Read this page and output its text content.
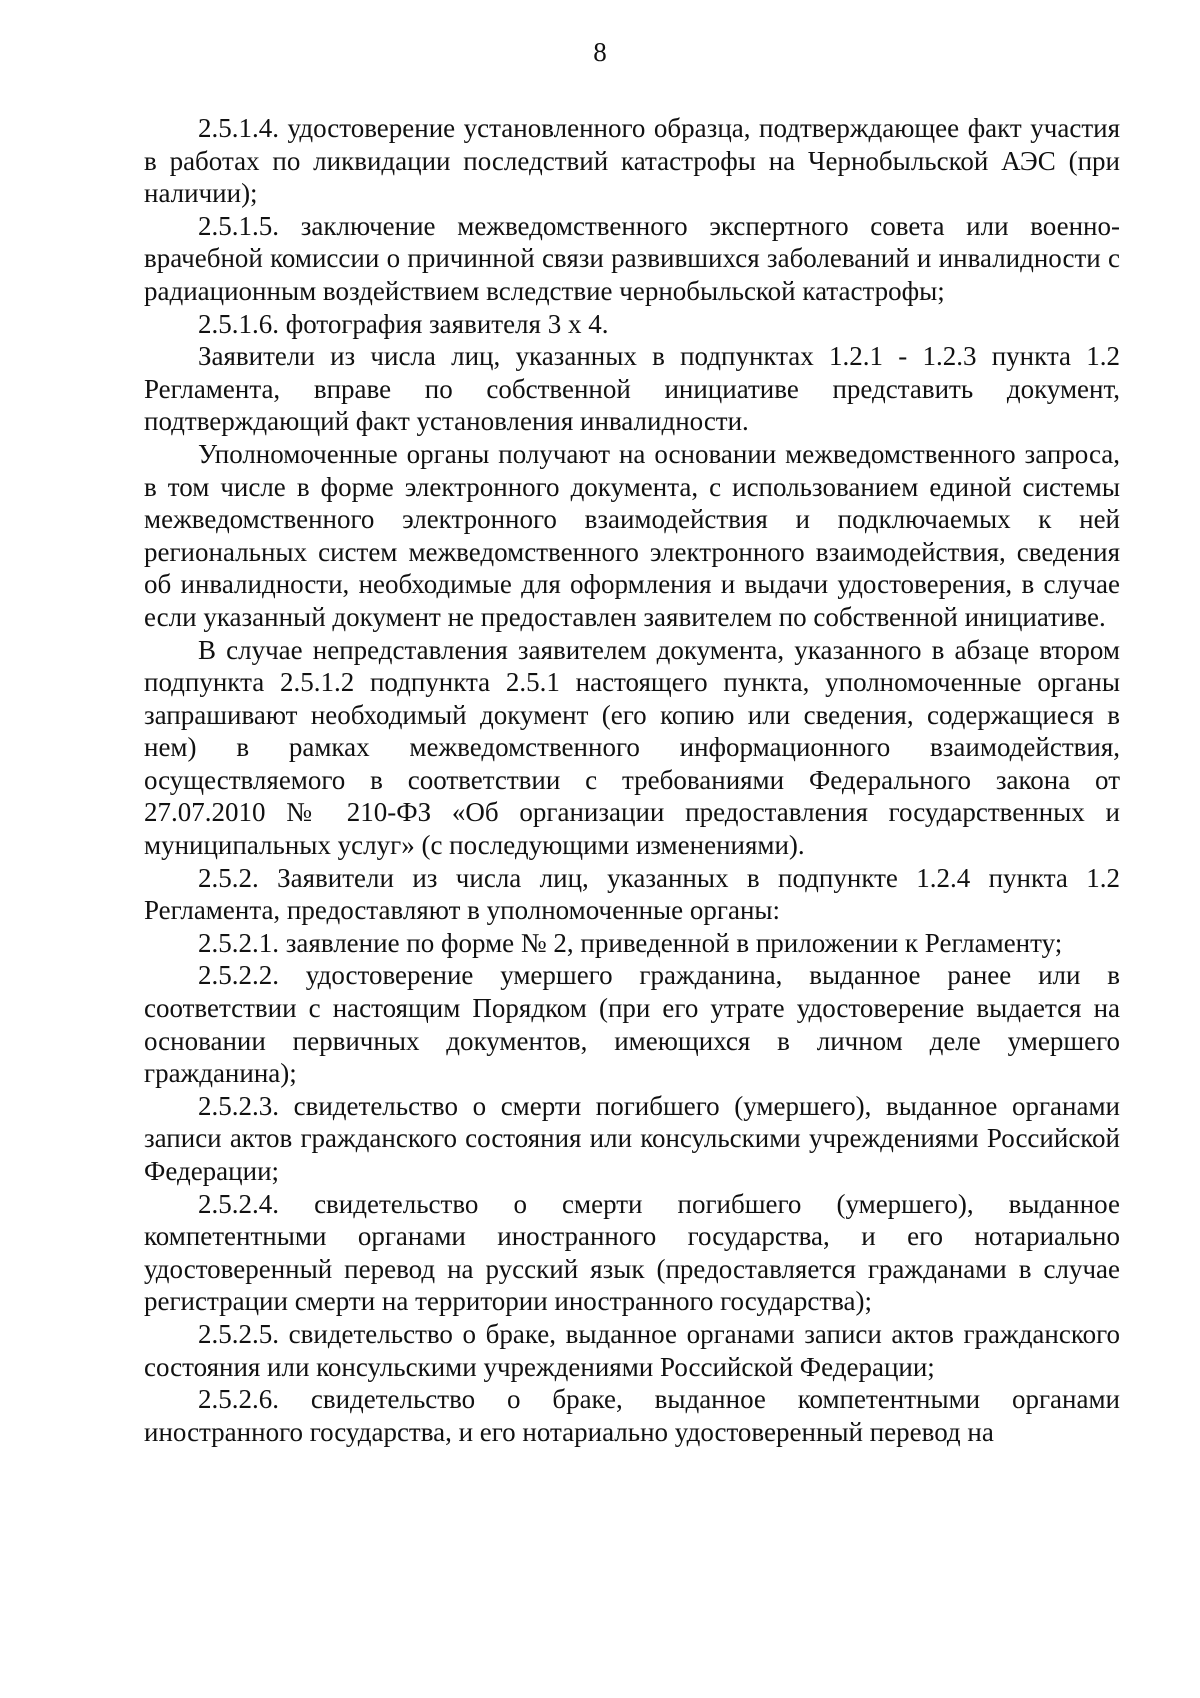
8

2.5.1.4. удостоверение установленного образца, подтверждающее факт участия в работах по ликвидации последствий катастрофы на Чернобыльской АЭС (при наличии);

2.5.1.5. заключение межведомственного экспертного совета или военно-врачебной комиссии о причинной связи развившихся заболеваний и инвалидности с радиационным воздействием вследствие чернобыльской катастрофы;

2.5.1.6. фотография заявителя 3 х 4.

Заявители из числа лиц, указанных в подпунктах 1.2.1 - 1.2.3 пункта 1.2 Регламента, вправе по собственной инициативе представить документ, подтверждающий факт установления инвалидности.

Уполномоченные органы получают на основании межведомственного запроса, в том числе в форме электронного документа, с использованием единой системы межведомственного электронного взаимодействия и подключаемых к ней региональных систем межведомственного электронного взаимодействия, сведения об инвалидности, необходимые для оформления и выдачи удостоверения, в случае если указанный документ не предоставлен заявителем по собственной инициативе.

В случае непредставления заявителем документа, указанного в абзаце втором подпункта 2.5.1.2 подпункта 2.5.1 настоящего пункта, уполномоченные органы запрашивают необходимый документ (его копию или сведения, содержащиеся в нем) в рамках межведомственного информационного взаимодействия, осуществляемого в соответствии с требованиями Федерального закона от 27.07.2010 № 210-ФЗ «Об организации предоставления государственных и муниципальных услуг» (с последующими изменениями).

2.5.2. Заявители из числа лиц, указанных в подпункте 1.2.4 пункта 1.2 Регламента, предоставляют в уполномоченные органы:

2.5.2.1. заявление по форме № 2, приведенной в приложении к Регламенту;

2.5.2.2. удостоверение умершего гражданина, выданное ранее или в соответствии с настоящим Порядком (при его утрате удостоверение выдается на основании первичных документов, имеющихся в личном деле умершего гражданина);

2.5.2.3. свидетельство о смерти погибшего (умершего), выданное органами записи актов гражданского состояния или консульскими учреждениями Российской Федерации;

2.5.2.4. свидетельство о смерти погибшего (умершего), выданное компетентными органами иностранного государства, и его нотариально удостоверенный перевод на русский язык (предоставляется гражданами в случае регистрации смерти на территории иностранного государства);

2.5.2.5. свидетельство о браке, выданное органами записи актов гражданского состояния или консульскими учреждениями Российской Федерации;

2.5.2.6. свидетельство о браке, выданное компетентными органами иностранного государства, и его нотариально удостоверенный перевод на
